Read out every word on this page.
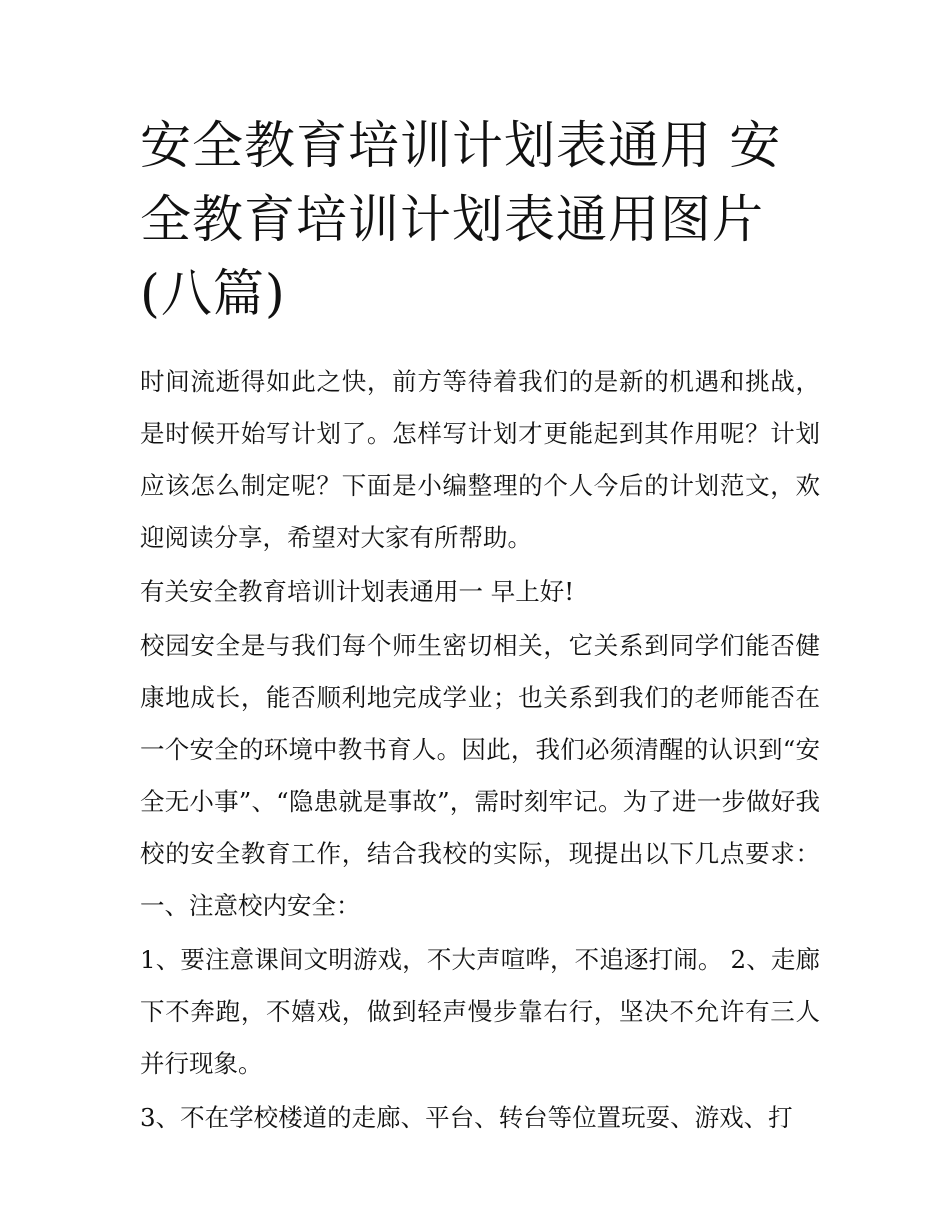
安全教育培训计划表通用 安全教育培训计划表通用图片(八篇)

时间流逝得如此之快，前方等待着我们的是新的机遇和挑战，是时候开始写计划了。怎样写计划才更能起到其作用呢？计划应该怎么制定呢？下面是小编整理的个人今后的计划范文，欢迎阅读分享，希望对大家有所帮助。

有关安全教育培训计划表通用一 早上好!

校园安全是与我们每个师生密切相关，它关系到同学们能否健康地成长，能否顺利地完成学业；也关系到我们的老师能否在一个安全的环境中教书育人。因此，我们必须清醒的认识到“安全无小事”、“隐患就是事故”，需时刻牢记。为了进一步做好我校的安全教育工作，结合我校的实际，现提出以下几点要求： 一、注意校内安全：

1、要注意课间文明游戏，不大声喧哗，不追逐打闹。 2、走廊下不奔跑，不嬉戏，做到轻声慢步靠右行，坚决不允许有三人并行现象。

3、不在学校楼道的走廊、平台、转台等位置玩耍、游戏、打
